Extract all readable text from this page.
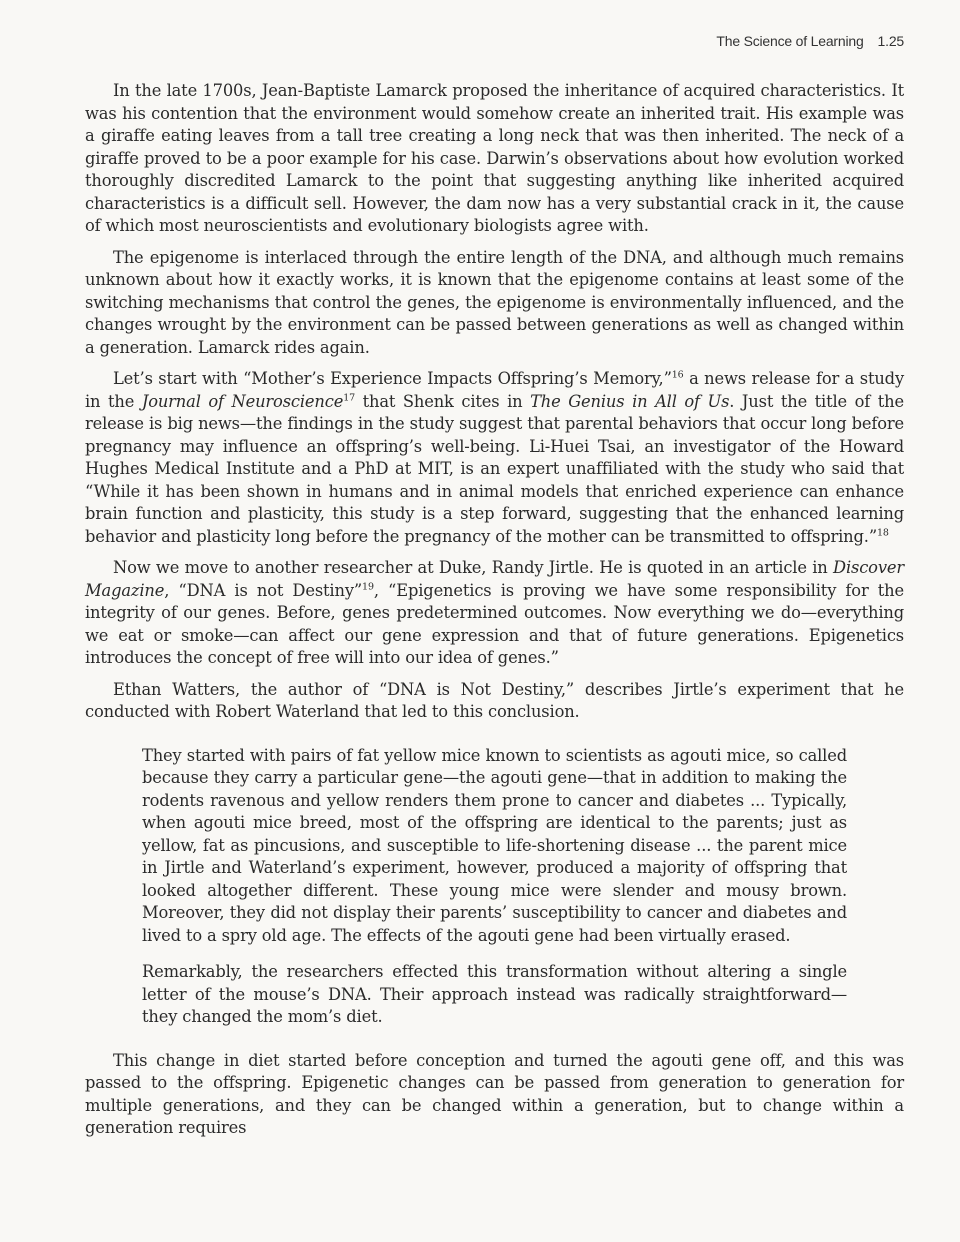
The Science of Learning 1.25

In the late 1700s, Jean-Baptiste Lamarck proposed the inheritance of acquired characteristics. It was his contention that the environment would somehow create an inherited trait. His example was a giraffe eating leaves from a tall tree creating a long neck that was then inherited. The neck of a giraffe proved to be a poor example for his case. Darwin’s observations about how evolution worked thoroughly discredited Lamarck to the point that suggesting anything like inherited acquired characteristics is a difficult sell. However, the dam now has a very substantial crack in it, the cause of which most neuroscientists and evolutionary biologists agree with.

The epigenome is interlaced through the entire length of the DNA, and although much remains unknown about how it exactly works, it is known that the epigenome contains at least some of the switching mechanisms that control the genes, the epigenome is environmentally influenced, and the changes wrought by the environment can be passed between generations as well as changed within a generation. Lamarck rides again.

Let’s start with “Mother’s Experience Impacts Offspring’s Memory,”$^{16}$ a news release for a study in the Journal of Neuroscience$^{17}$ that Shenk cites in The Genius in All of Us. Just the title of the release is big news—the findings in the study suggest that parental behaviors that occur long before pregnancy may influence an offspring’s well-being. Li-Huei Tsai, an investigator of the Howard Hughes Medical Institute and a PhD at MIT, is an expert unaffiliated with the study who said that “While it has been shown in humans and in animal models that enriched experience can enhance brain function and plasticity, this study is a step forward, suggesting that the enhanced learning behavior and plasticity long before the pregnancy of the mother can be transmitted to offspring.”$^{18}$

Now we move to another researcher at Duke, Randy Jirtle. He is quoted in an article in Discover Magazine, “DNA is not Destiny”$^{19}$, “Epigenetics is proving we have some responsibility for the integrity of our genes. Before, genes predetermined outcomes. Now everything we do—everything we eat or smoke—can affect our gene expression and that of future generations. Epigenetics introduces the concept of free will into our idea of genes.”

Ethan Watters, the author of “DNA is Not Destiny,” describes Jirtle’s experiment that he conducted with Robert Waterland that led to this conclusion.

They started with pairs of fat yellow mice known to scientists as agouti mice, so called because they carry a particular gene—the agouti gene—that in addition to making the rodents ravenous and yellow renders them prone to cancer and diabetes ... Typically, when agouti mice breed, most of the offspring are identical to the parents; just as yellow, fat as pincusions, and susceptible to life-shortening disease ... the parent mice in Jirtle and Waterland’s experiment, however, produced a majority of offspring that looked altogether different. These young mice were slender and mousy brown. Moreover, they did not display their parents’ susceptibility to cancer and diabetes and lived to a spry old age. The effects of the agouti gene had been virtually erased.

Remarkably, the researchers effected this transformation without altering a single letter of the mouse’s DNA. Their approach instead was radically straightforward—they changed the mom’s diet.

This change in diet started before conception and turned the agouti gene off, and this was passed to the offspring. Epigenetic changes can be passed from generation to generation for multiple generations, and they can be changed within a generation, but to change within a generation requires
